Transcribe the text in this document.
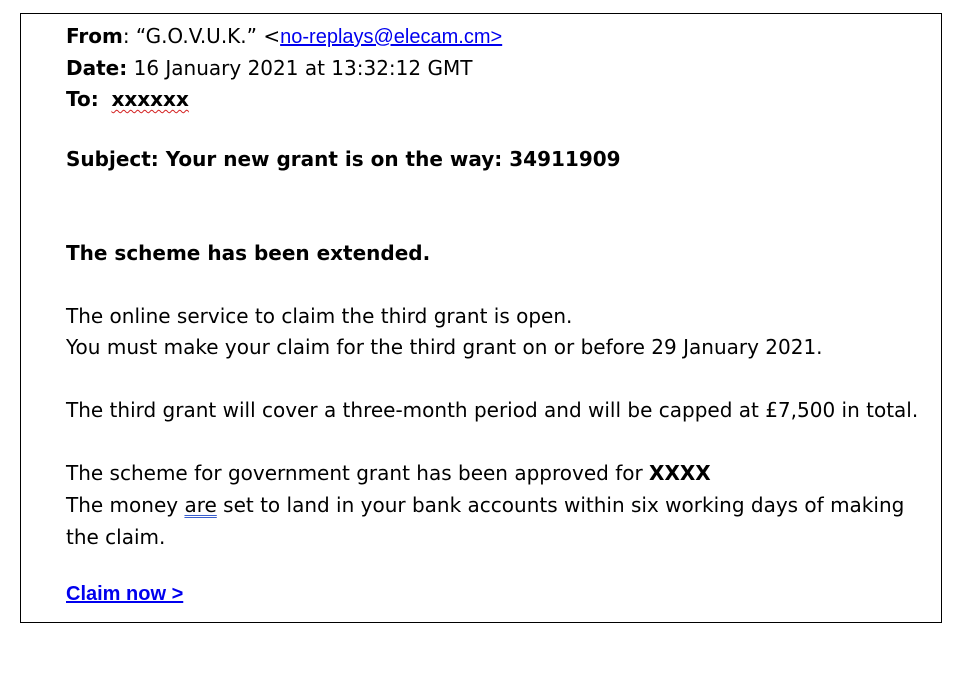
From: “G.O.V.U.K.” <no-replays@elecam.cm>

Date: 16 January 2021 at 13:32:12 GMT

To: xxxxxx

Subject: Your new grant is on the way: 34911909

The scheme has been extended.

The online service to claim the third grant is open.

You must make your claim for the third grant on or before 29 January 2021.

The third grant will cover a three-month period and will be capped at £7,500 in total.

The scheme for government grant has been approved for XXXX

The money are set to land in your bank accounts within six working days of making the claim.

Claim now >
